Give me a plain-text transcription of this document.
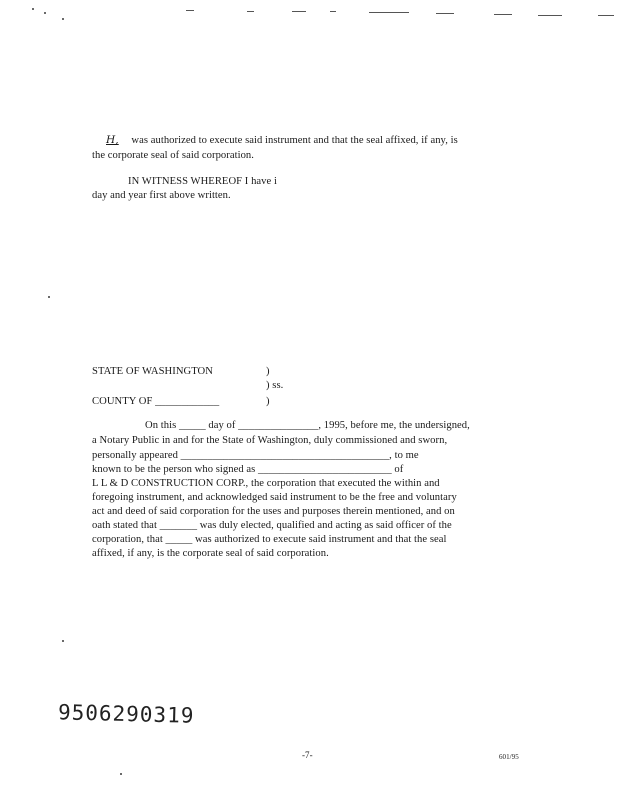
H, was authorized to execute said instrument and that the seal affixed, if any, is
the corporate seal of said corporation.
IN WITNESS WHEREOF I have i
day and year first above written.
STATE OF WASHINGTON	)
) ss.
COUNTY OF ____________	)
On this _____ day of _______________, 1995, before me, the undersigned,
a Notary Public in and for the State of Washington, duly commissioned and sworn,
personally appeared _______________________________________, to me
known to be the person who signed as _________________________ of
L L & D CONSTRUCTION CORP., the corporation that executed the within and
foregoing instrument, and acknowledged said instrument to be the free and voluntary
act and deed of said corporation for the uses and purposes therein mentioned, and on
oath stated that _______ was duly elected, qualified and acting as said officer of the
corporation, that _____ was authorized to execute said instrument and that the seal
affixed, if any, is the corporate seal of said corporation.
9506290319
-7-	601/95
